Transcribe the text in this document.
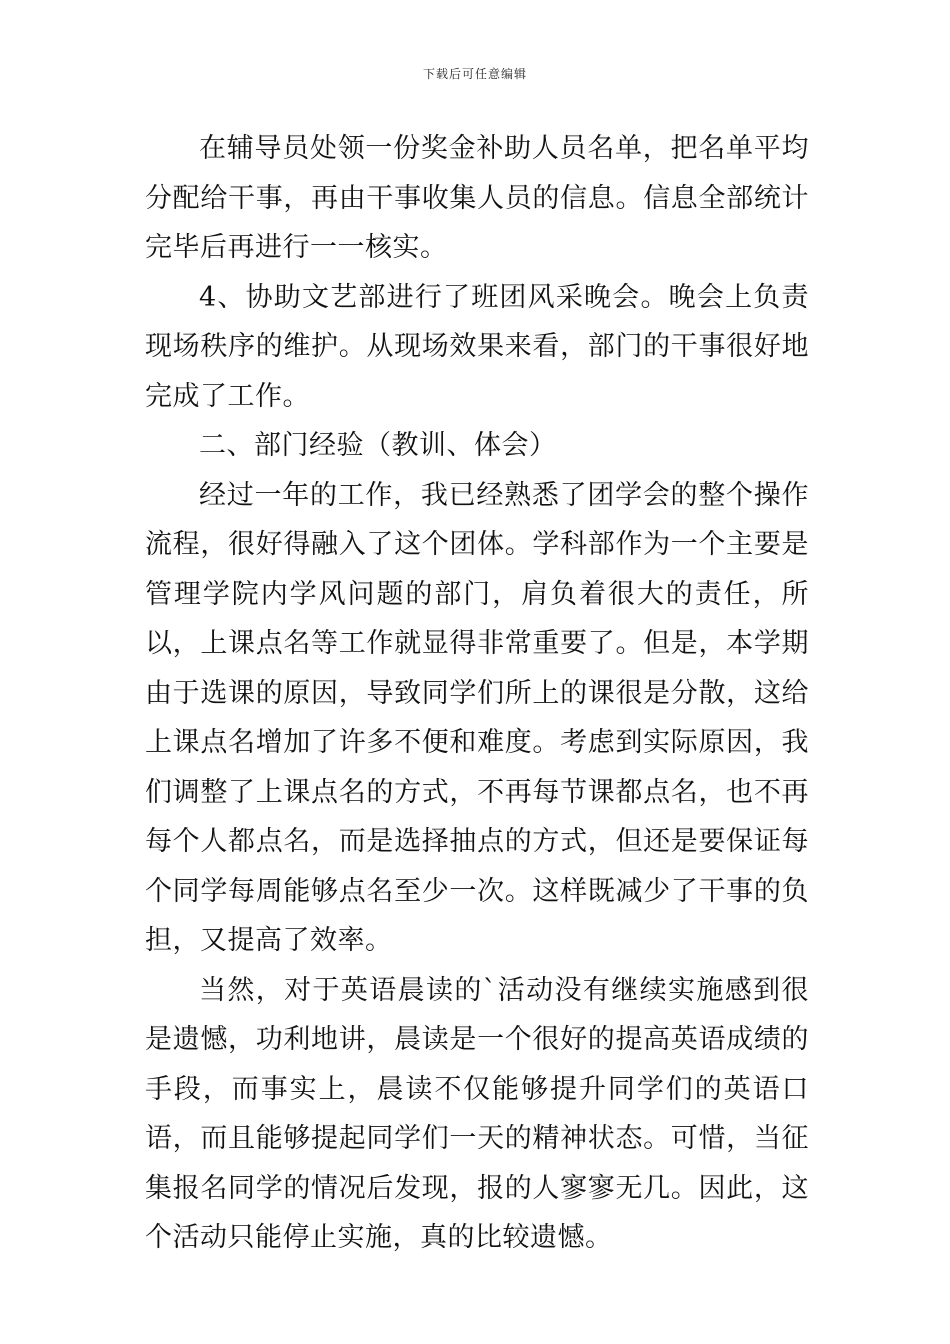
下载后可任意编辑

在辅导员处领一份奖金补助人员名单，把名单平均分配给干事，再由干事收集人员的信息。信息全部统计完毕后再进行一一核实。

4、协助文艺部进行了班团风采晚会。晚会上负责现场秩序的维护。从现场效果来看，部门的干事很好地完成了工作。

二、部门经验（教训、体会）

经过一年的工作，我已经熟悉了团学会的整个操作流程，很好得融入了这个团体。学科部作为一个主要是管理学院内学风问题的部门，肩负着很大的责任，所以，上课点名等工作就显得非常重要了。但是，本学期由于选课的原因，导致同学们所上的课很是分散，这给上课点名增加了许多不便和难度。考虑到实际原因，我们调整了上课点名的方式，不再每节课都点名，也不再每个人都点名，而是选择抽点的方式，但还是要保证每个同学每周能够点名至少一次。这样既减少了干事的负担，又提高了效率。

当然，对于英语晨读的`活动没有继续实施感到很是遗憾，功利地讲，晨读是一个很好的提高英语成绩的手段，而事实上，晨读不仅能够提升同学们的英语口语，而且能够提起同学们一天的精神状态。可惜，当征集报名同学的情况后发现，报的人寥寥无几。因此，这个活动只能停止实施，真的比较遗憾。
